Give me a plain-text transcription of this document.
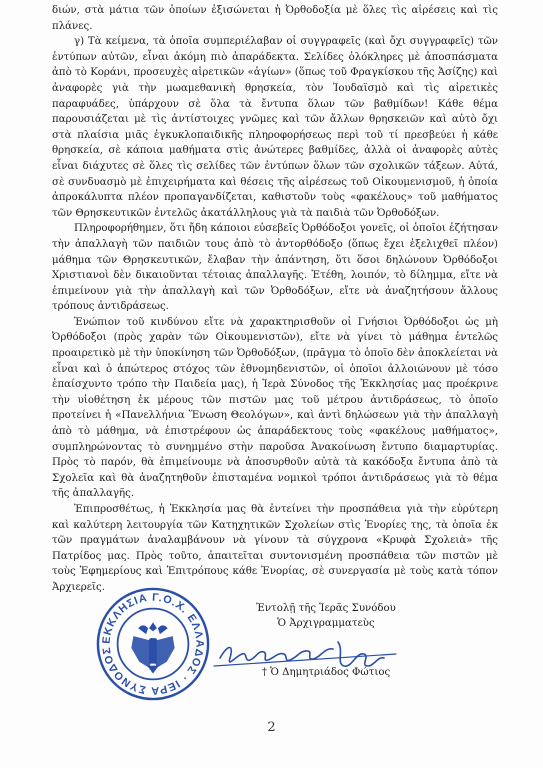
διών, στὰ μάτια τῶν ὁποίων ἐξισώνεται ἡ Ὀρθοδοξία μὲ ὅλες τὶς αἱρέσεις καὶ τὶς πλάνες.

γ) Τὰ κείμενα, τὰ ὁποῖα συμπεριέλαβαν οἱ συγγραφεῖς (καὶ ὄχι συγγραφεῖς) τῶν ἐντύπων αὐτῶν, εἶναι ἀκόμη πιὸ ἀπαράδεκτα. Σελίδες ὁλόκληρες μὲ ἀποσπάσματα ἀπὸ τὸ Κοράνι, προσευχὲς αἱρετικῶν «ἁγίων» (ὅπως τοῦ Φραγκίσκου τῆς Ἀσίζης) καὶ ἀναφορὲς γιὰ τὴν μωαμεθανικὴ θρησκεία, τὸν Ἰουδαϊσμὸ καὶ τὶς αἱρετικὲς παραφυάδες, ὑπάρχουν σὲ ὅλα τὰ ἔντυπα ὅλων τῶν βαθμίδων! Κάθε θέμα παρουσιάζεται μὲ τὶς ἀντίστοιχες γνῶμες καὶ τῶν ἄλλων θρησκειῶν καὶ αὐτὸ ὄχι στὰ πλαίσια μιᾶς ἐγκυκλοπαιδικῆς πληροφορήσεως περὶ τοῦ τί πρεσβεύει ἡ κάθε θρησκεία, σὲ κάποια μαθήματα στὶς ἀνώτερες βαθμίδες, ἀλλὰ οἱ ἀναφορὲς αὐτὲς εἶναι διάχυτες σὲ ὅλες τὶς σελίδες τῶν ἐντύπων ὅλων τῶν σχολικῶν τάξεων. Αὐτά, σὲ συνδυασμὸ μὲ ἐπιχειρήματα καὶ θέσεις τῆς αἱρέσεως τοῦ Οἰκουμενισμοῦ, ἡ ὁποία ἀπροκάλυπτα πλέον προπαγανδίζεται, καθιστοῦν τοὺς «φακέλους» τοῦ μαθήματος τῶν Θρησκευτικῶν ἐντελῶς ἀκατάλληλους γιὰ τὰ παιδιὰ τῶν Ὀρθοδόξων.

Πληροφορήθημεν, ὅτι ἤδη κάποιοι εὐσεβεῖς Ὀρθόδοξοι γονεῖς, οἱ ὁποῖοι ἐζήτησαν τὴν ἀπαλλαγὴ τῶν παιδιῶν τους ἀπὸ τὸ ἀντορθόδοξο (ὅπως ἔχει ἐξελιχθεῖ πλέον) μάθημα τῶν Θρησκευτικῶν, ἔλαβαν τὴν ἀπάντηση, ὅτι ὅσοι δηλώνουν Ὀρθόδοξοι Χριστιανοὶ δὲν δικαιοῦνται τέτοιας ἀπαλλαγῆς. Ἐτέθη, λοιπόν, τὸ δίλημμα, εἴτε νὰ ἐπιμείνουν γιὰ τὴν ἀπαλλαγὴ καὶ τῶν Ὀρθοδόξων, εἴτε νὰ ἀναζητήσουν ἄλλους τρόπους ἀντιδράσεως.

Ἐνώπιον τοῦ κινδύνου εἴτε νὰ χαρακτηρισθοῦν οἱ Γνήσιοι Ὀρθόδοξοι ὡς μὴ Ὀρθόδοξοι (πρὸς χαρὰν τῶν Οἰκουμενιστῶν), εἴτε νὰ γίνει τὸ μάθημα ἐντελῶς προαιρετικὸ μὲ τὴν ὑποκίνηση τῶν Ὀρθοδόξων, (πρᾶγμα τὸ ὁποῖο δὲν ἀποκλείεται νὰ εἶναι καὶ ὁ ἀπώτερος στόχος τῶν ἐθνομηδενιστῶν, οἱ ὁποῖοι ἀλλοιώνουν μὲ τόσο ἐπαίσχυντο τρόπο τὴν Παιδεία μας), ἡ Ἱερὰ Σύνοδος τῆς Ἐκκλησίας μας προέκρινε τὴν υἱοθέτηση ἐκ μέρους τῶν πιστῶν μας τοῦ μέτρου ἀντιδράσεως, τὸ ὁποῖο προτείνει ἡ «Πανελλήνια Ἕνωση Θεολόγων», καὶ ἀντὶ δηλώσεων γιὰ τὴν ἀπαλλαγὴ ἀπὸ τὸ μάθημα, νὰ ἐπιστρέφουν ὡς ἀπαράδεκτους τοὺς «φακέλους μαθήματος», συμπληρώνοντας τὸ συνημμένο στὴν παροῦσα Ἀνακοίνωση ἔντυπο διαμαρτυρίας. Πρὸς τὸ παρόν, θὰ ἐπιμείνουμε νὰ ἀποσυρθοῦν αὐτὰ τὰ κακόδοξα ἔντυπα ἀπὸ τὰ Σχολεῖα καὶ θὰ ἀναζητηθοῦν ἐπισταμένα νομικοὶ τρόποι ἀντιδράσεως γιὰ τὸ θέμα τῆς ἀπαλλαγῆς.

Ἐπιπροσθέτως, ἡ Ἐκκλησία μας θὰ ἐντείνει τὴν προσπάθεια γιὰ τὴν εὐρύτερη καὶ καλύτερη λειτουργία τῶν Κατηχητικῶν Σχολείων στὶς Ἐνορίες της, τὰ ὁποῖα ἐκ τῶν πραγμάτων ἀναλαμβάνουν νὰ γίνουν τὰ σύγχρονα «Κρυφὰ Σχολειὰ» τῆς Πατρίδος μας. Πρὸς τοῦτο, ἀπαιτεῖται συντονισμένη προσπάθεια τῶν πιστῶν μὲ τοὺς Ἐφημερίους καὶ Ἐπιτρόπους κάθε Ἐνορίας, σὲ συνεργασία μὲ τοὺς κατὰ τόπον Ἀρχιερεῖς.

ΕΚΚΛΗΣΙΑ Γ.Ο.Χ. ΕΛΛΑΔΟΣ · ΙΕΡΑ ΣΥΝΟΔΟΣ
Ἐντολῇ τῆς Ἱερᾶς Συνόδου
Ὁ Ἀρχιγραμματεὺς
† Ὁ Δημητριάδος Φώτιος
2
